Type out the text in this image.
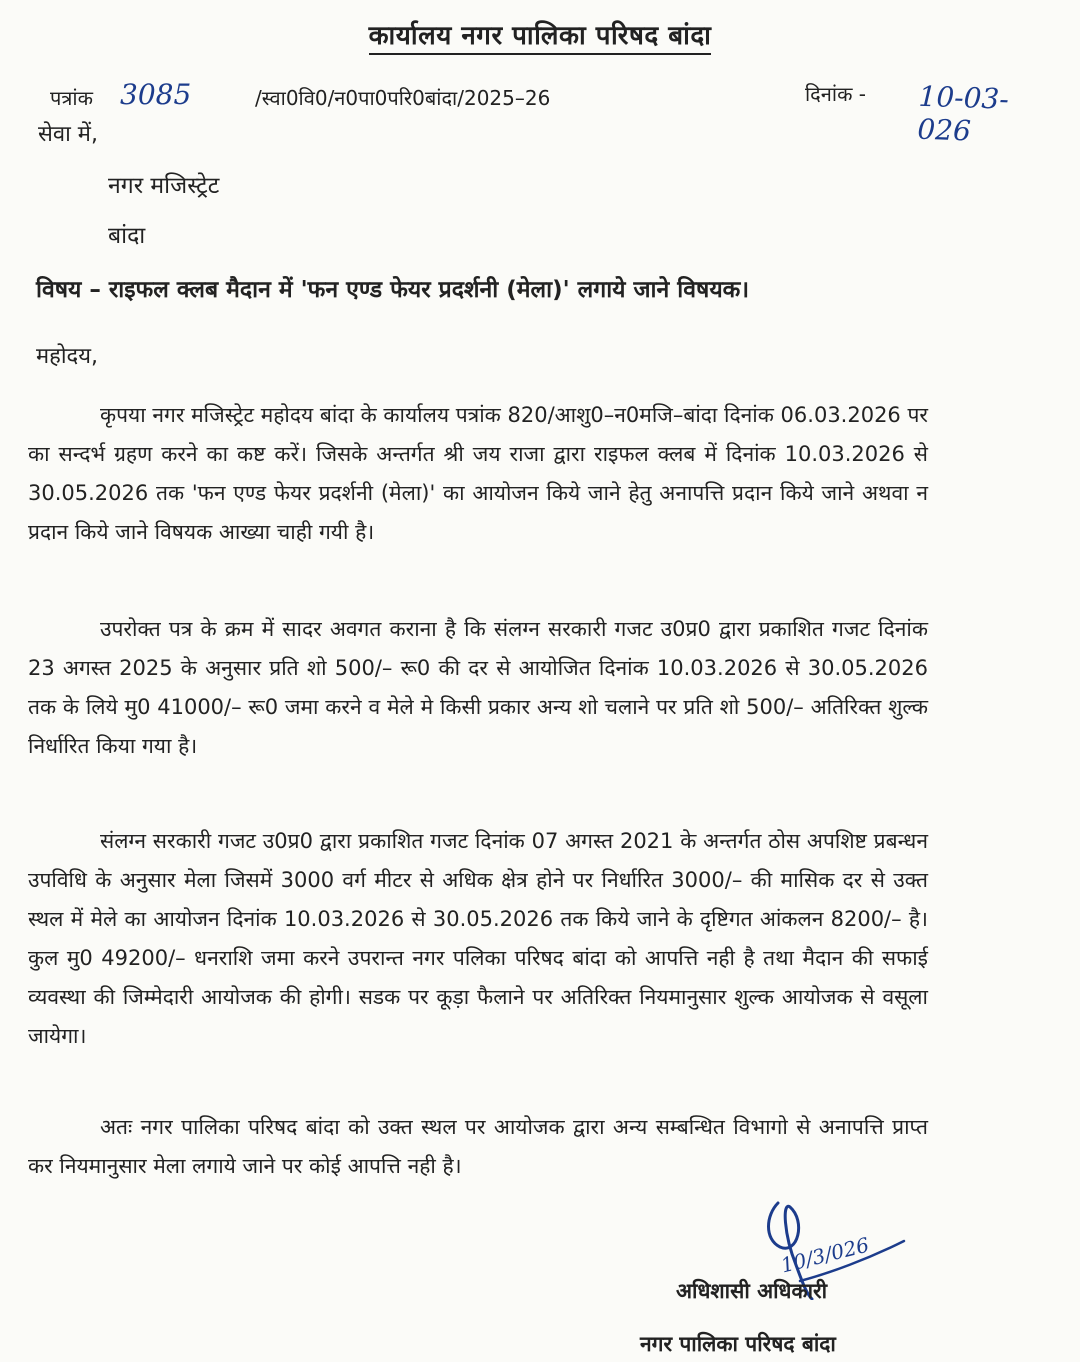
कार्यालय नगर पालिका परिषद बांदा
पत्रांक 3085	/स्वा0वि0/न0पा0परि0बांदा/2025–26	दिनांक - 10-03-026
सेवा में,
नगर मजिस्ट्रेट
बांदा
विषय – राइफल क्लब मैदान में 'फन एण्ड फेयर प्रदर्शनी (मेला)' लगाये जाने विषयक।
महोदय,

कृपया नगर मजिस्ट्रेट महोदय बांदा के कार्यालय पत्रांक 820/आशु0–न0मजि–बांदा दिनांक 06.03.2026 पर का सन्दर्भ ग्रहण करने का कष्ट करें। जिसके अन्तर्गत श्री जय राजा द्वारा राइफल क्लब में दिनांक 10.03.2026 से 30.05.2026 तक 'फन एण्ड फेयर प्रदर्शनी (मेला)' का आयोजन किये जाने हेतु अनापत्ति प्रदान किये जाने अथवा न प्रदान किये जाने विषयक आख्या चाही गयी है।

उपरोक्त पत्र के क्रम में सादर अवगत कराना है कि संलग्न सरकारी गजट उ0प्र0 द्वारा प्रकाशित गजट दिनांक 23 अगस्त 2025 के अनुसार प्रति शो 500/– रू0 की दर से आयोजित दिनांक 10.03.2026 से 30.05.2026 तक के लिये मु0 41000/– रू0 जमा करने व मेले मे किसी प्रकार अन्य शो चलाने पर प्रति शो 500/– अतिरिक्त शुल्क निर्धारित किया गया है।

संलग्न सरकारी गजट उ0प्र0 द्वारा प्रकाशित गजट दिनांक 07 अगस्त 2021 के अन्तर्गत ठोस अपशिष्ट प्रबन्धन उपविधि के अनुसार मेला जिसमें 3000 वर्ग मीटर से अधिक क्षेत्र होने पर निर्धारित 3000/– की मासिक दर से उक्त स्थल में मेले का आयोजन दिनांक 10.03.2026 से 30.05.2026 तक किये जाने के दृष्टिगत आंकलन 8200/– है। कुल मु0 49200/– धनराशि जमा करने उपरान्त नगर पलिका परिषद बांदा को आपत्ति नही है तथा मैदान की सफाई व्यवस्था की जिम्मेदारी आयोजक की होगी। सडक पर कूड़ा फैलाने पर अतिरिक्त नियमानुसार शुल्क आयोजक से वसूला जायेगा।

अतः नगर पालिका परिषद बांदा को उक्त स्थल पर आयोजक द्वारा अन्य सम्बन्धित विभागो से अनापत्ति प्राप्त कर नियमानुसार मेला लगाये जाने पर कोई आपत्ति नही है।

10/3/026
अधिशासी अधिकारी
नगर पालिका परिषद बांदा
